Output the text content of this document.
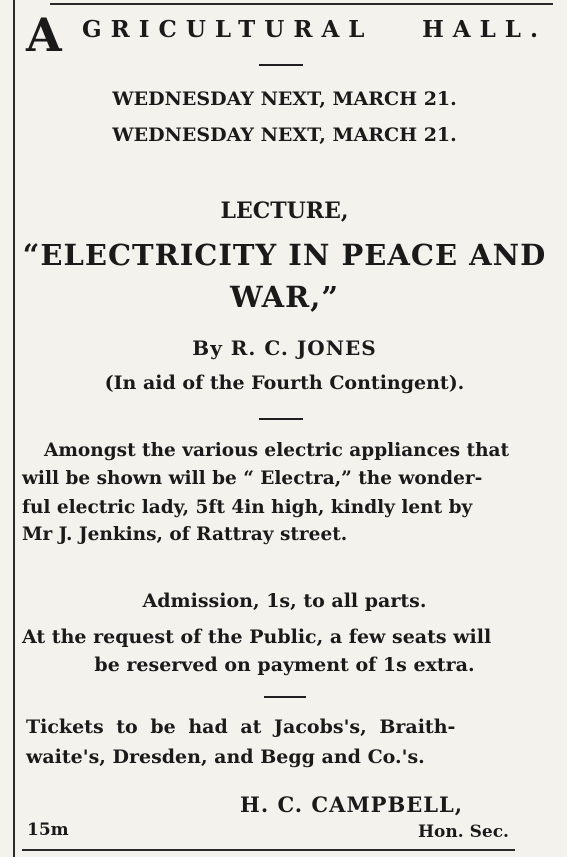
A GRICULTURAL HALL.
WEDNESDAY NEXT, MARCH 21.
WEDNESDAY NEXT, MARCH 21.
LECTURE,
“ELECTRICITY IN PEACE AND
WAR,”
By R. C. JONES
(In aid of the Fourth Contingent).
Amongst the various electric appliances that
will be shown will be “ Electra,” the wonder-
ful electric lady, 5ft 4in high, kindly lent by
Mr J. Jenkins, of Rattray street.
Admission, 1s, to all parts.
At the request of the Public, a few seats will
be reserved on payment of 1s extra.
Tickets to be had at Jacobs's, Braith-
waite's, Dresden, and Begg and Co.'s.
H. C. CAMPBELL,
15m	Hon. Sec.
